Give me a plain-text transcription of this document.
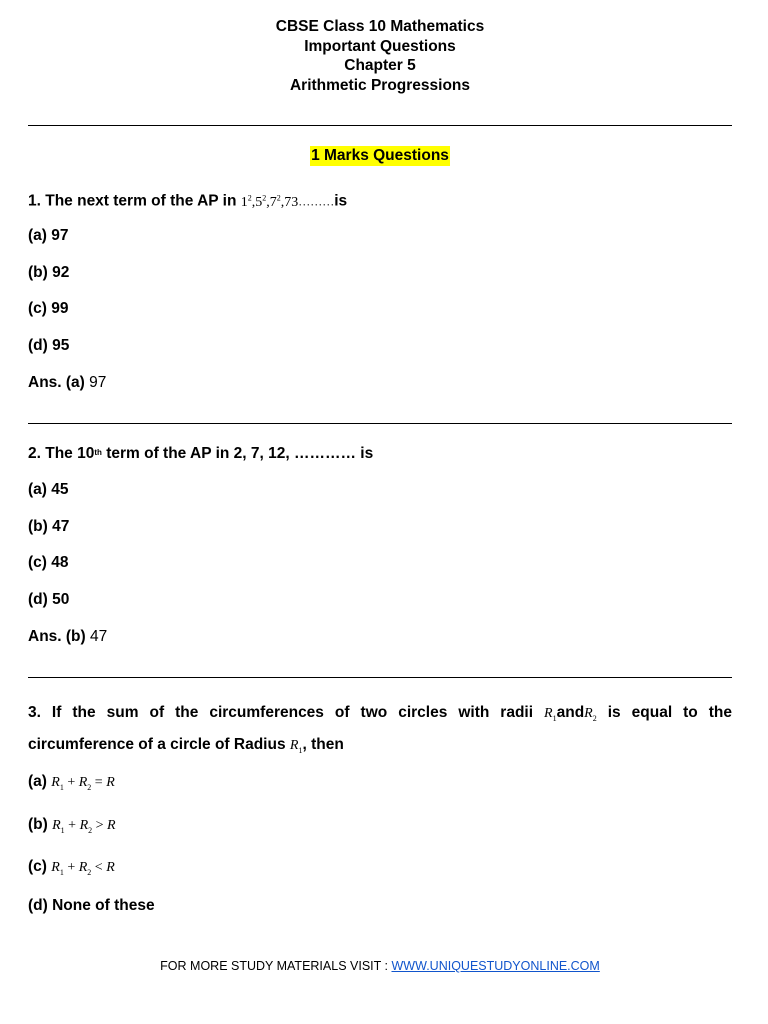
CBSE Class 10 Mathematics
Important Questions
Chapter 5
Arithmetic Progressions
1 Marks Questions
1. The next term of the AP in $1^2,5^2,7^2,73\dots\dots\dots is$
(a) 97
(b) 92
(c) 99
(d) 95
Ans. (a) 97
2. The 10th term of the AP in 2, 7, 12, ………… is
(a) 45
(b) 47
(c) 48
(d) 50
Ans. (b) 47
3. If the sum of the circumferences of two circles with radii $R_1andR_2$ is equal to the circumference of a circle of Radius $R_1$, then
(a) $R_1 + R_2 = R$
(b) $R_1 + R_2 > R$
(c) $R_1 + R_2 < R$
(d) None of these
FOR MORE STUDY MATERIALS VISIT : WWW.UNIQUESTUDYONLINE.COM
